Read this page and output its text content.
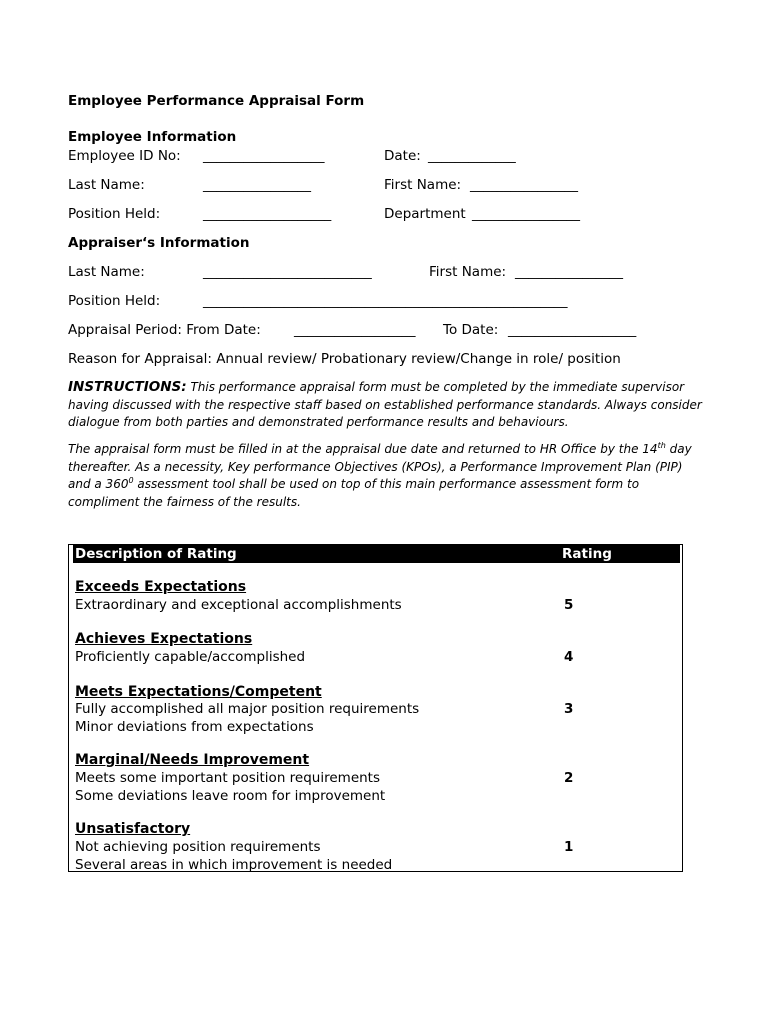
Employee Performance Appraisal Form
Employee Information
Employee ID No: __________________	Date: _____________
Last Name:	________________	First Name: ________________
Position Held:	___________________	Department ________________
Appraiser‘s Information
Last Name:	_________________________	First Name: ________________
Position Held:	______________________________________________________
Appraisal Period: From Date: __________________ To Date: ___________________
Reason for Appraisal: Annual review/ Probationary review/Change in role/ position
INSTRUCTIONS: This performance appraisal form must be completed by the immediate supervisor having discussed with the respective staff based on established performance standards. Always consider dialogue from both parties and demonstrated performance results and behaviours.
The appraisal form must be filled in at the appraisal due date and returned to HR Office by the 14th day thereafter. As a necessity, Key performance Objectives (KPOs), a Performance Improvement Plan (PIP) and a $360^0$ assessment tool shall be used on top of this main performance assessment form to compliment the fairness of the results.
Description of Rating	Rating
Exceeds Expectations
Extraordinary and exceptional accomplishments	5
Achieves Expectations
Proficiently capable/accomplished	4
Meets Expectations/Competent
Fully accomplished all major position requirements
Minor deviations from expectations
3
Marginal/Needs Improvement
Meets some important position requirements
Some deviations leave room for improvement
2
Unsatisfactory
Not achieving position requirements
Several areas in which improvement is needed
1
